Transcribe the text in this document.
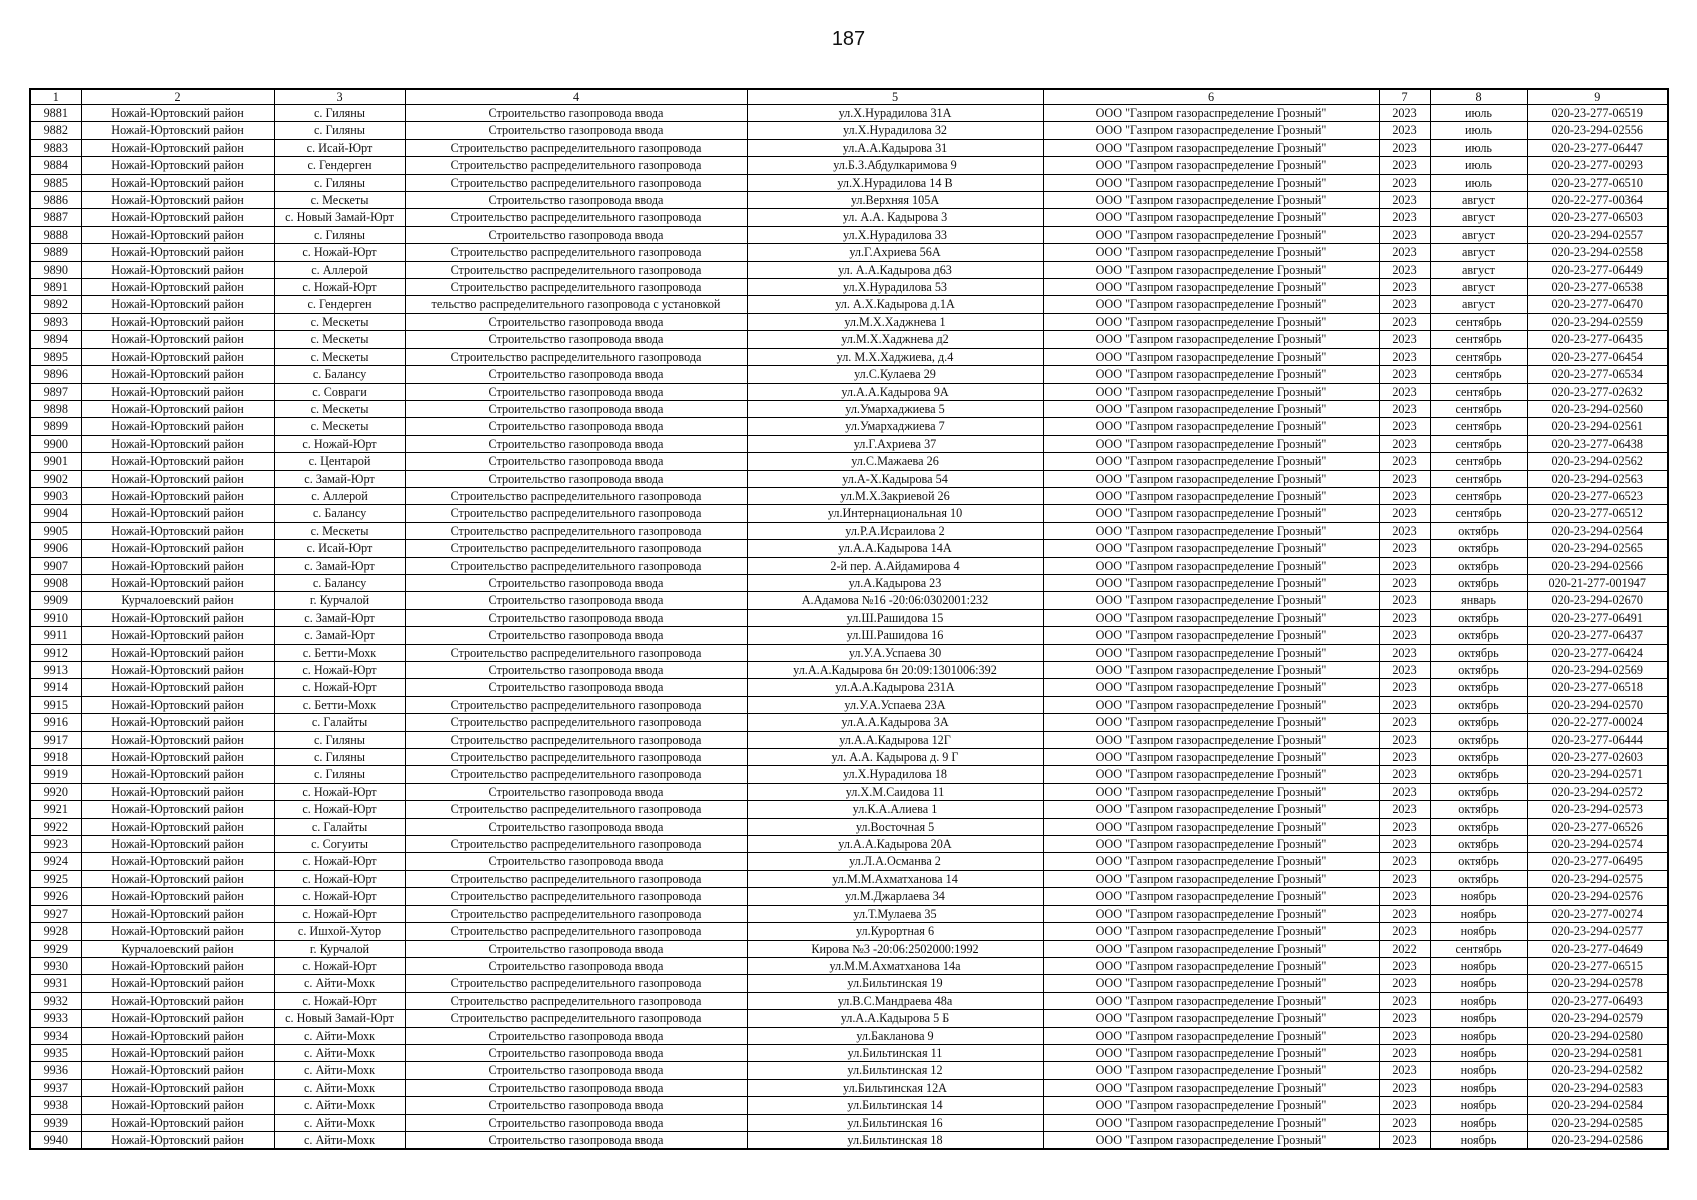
187
1	2	3	4	5	6	7	8	9
9881	Ножай-Юртовский район	с. Гиляны	Строительство газопровода ввода	ул.Х.Нурадилова 31А	ООО "Газпром газораспределение Грозный"	2023	июль	020-23-277-06519
9882	Ножай-Юртовский район	с. Гиляны	Строительство газопровода ввода	ул.Х.Нурадилова 32	ООО "Газпром газораспределение Грозный"	2023	июль	020-23-294-02556
9883	Ножай-Юртовский район	с. Исай-Юрт	Строительство распределительного газопровода	ул.А.А.Кадырова 31	ООО "Газпром газораспределение Грозный"	2023	июль	020-23-277-06447
9884	Ножай-Юртовский район	с. Гендерген	Строительство распределительного газопровода	ул.Б.З.Абдулкаримова 9	ООО "Газпром газораспределение Грозный"	2023	июль	020-23-277-00293
9885	Ножай-Юртовский район	с. Гиляны	Строительство распределительного газопровода	ул.Х.Нурадилова 14 В	ООО "Газпром газораспределение Грозный"	2023	июль	020-23-277-06510
9886	Ножай-Юртовский район	с. Мескеты	Строительство газопровода ввода	ул.Верхняя 105А	ООО "Газпром газораспределение Грозный"	2023	август	020-22-277-00364
9887	Ножай-Юртовский район	с. Новый Замай-Юрт	Строительство распределительного газопровода	ул. А.А. Кадырова 3	ООО "Газпром газораспределение Грозный"	2023	август	020-23-277-06503
9888	Ножай-Юртовский район	с. Гиляны	Строительство газопровода ввода	ул.Х.Нурадилова 33	ООО "Газпром газораспределение Грозный"	2023	август	020-23-294-02557
9889	Ножай-Юртовский район	с. Ножай-Юрт	Строительство распределительного газопровода	ул.Г.Ахриева 56А	ООО "Газпром газораспределение Грозный"	2023	август	020-23-294-02558
9890	Ножай-Юртовский район	с. Аллерой	Строительство распределительного газопровода	ул. А.А.Кадырова д63	ООО "Газпром газораспределение Грозный"	2023	август	020-23-277-06449
9891	Ножай-Юртовский район	с. Ножай-Юрт	Строительство распределительного газопровода	ул.Х.Нурадилова 53	ООО "Газпром газораспределение Грозный"	2023	август	020-23-277-06538
9892	Ножай-Юртовский район	с. Гендерген	тельство распределительного газопровода с установкой	ул. А.Х.Кадырова д.1А	ООО "Газпром газораспределение Грозный"	2023	август	020-23-277-06470
9893	Ножай-Юртовский район	с. Мескеты	Строительство газопровода ввода	ул.М.Х.Хаджнева 1	ООО "Газпром газораспределение Грозный"	2023	сентябрь	020-23-294-02559
9894	Ножай-Юртовский район	с. Мескеты	Строительство газопровода ввода	ул.М.Х.Хаджнева д2	ООО "Газпром газораспределение Грозный"	2023	сентябрь	020-23-277-06435
9895	Ножай-Юртовский район	с. Мескеты	Строительство распределительного газопровода	ул. М.Х.Хаджиева, д.4	ООО "Газпром газораспределение Грозный"	2023	сентябрь	020-23-277-06454
9896	Ножай-Юртовский район	с. Балансу	Строительство газопровода ввода	ул.С.Кулаева 29	ООО "Газпром газораспределение Грозный"	2023	сентябрь	020-23-277-06534
9897	Ножай-Юртовский район	с. Совраги	Строительство газопровода ввода	ул.А.А.Кадырова 9А	ООО "Газпром газораспределение Грозный"	2023	сентябрь	020-23-277-02632
9898	Ножай-Юртовский район	с. Мескеты	Строительство газопровода ввода	ул.Умархаджиева 5	ООО "Газпром газораспределение Грозный"	2023	сентябрь	020-23-294-02560
9899	Ножай-Юртовский район	с. Мескеты	Строительство газопровода ввода	ул.Умархаджиева 7	ООО "Газпром газораспределение Грозный"	2023	сентябрь	020-23-294-02561
9900	Ножай-Юртовский район	с. Ножай-Юрт	Строительство газопровода ввода	ул.Г.Ахриева 37	ООО "Газпром газораспределение Грозный"	2023	сентябрь	020-23-277-06438
9901	Ножай-Юртовский район	с. Центарой	Строительство газопровода ввода	ул.С.Мажаева 26	ООО "Газпром газораспределение Грозный"	2023	сентябрь	020-23-294-02562
9902	Ножай-Юртовский район	с. Замай-Юрт	Строительство газопровода ввода	ул.А-Х.Кадырова 54	ООО "Газпром газораспределение Грозный"	2023	сентябрь	020-23-294-02563
9903	Ножай-Юртовский район	с. Аллерой	Строительство распределительного газопровода	ул.М.Х.Закриевой 26	ООО "Газпром газораспределение Грозный"	2023	сентябрь	020-23-277-06523
9904	Ножай-Юртовский район	с. Балансу	Строительство распределительного газопровода	ул.Интернациональная 10	ООО "Газпром газораспределение Грозный"	2023	сентябрь	020-23-277-06512
9905	Ножай-Юртовский район	с. Мескеты	Строительство распределительного газопровода	ул.Р.А.Исраилова 2	ООО "Газпром газораспределение Грозный"	2023	октябрь	020-23-294-02564
9906	Ножай-Юртовский район	с. Исай-Юрт	Строительство распределительного газопровода	ул.А.А.Кадырова 14А	ООО "Газпром газораспределение Грозный"	2023	октябрь	020-23-294-02565
9907	Ножай-Юртовский район	с. Замай-Юрт	Строительство распределительного газопровода	2-й пер. А.Айдамирова 4	ООО "Газпром газораспределение Грозный"	2023	октябрь	020-23-294-02566
9908	Ножай-Юртовский район	с. Балансу	Строительство газопровода ввода	ул.А.Кадырова 23	ООО "Газпром газораспределение Грозный"	2023	октябрь	020-21-277-001947
9909	Курчалоевский район	г. Курчалой	Строительство газопровода ввода	А.Адамова №16 -20:06:0302001:232	ООО "Газпром газораспределение Грозный"	2023	январь	020-23-294-02670
9910	Ножай-Юртовский район	с. Замай-Юрт	Строительство газопровода ввода	ул.Ш.Рашидова 15	ООО "Газпром газораспределение Грозный"	2023	октябрь	020-23-277-06491
9911	Ножай-Юртовский район	с. Замай-Юрт	Строительство газопровода ввода	ул.Ш.Рашидова 16	ООО "Газпром газораспределение Грозный"	2023	октябрь	020-23-277-06437
9912	Ножай-Юртовский район	с. Бетти-Мохк	Строительство распределительного газопровода	ул.У.А.Успаева 30	ООО "Газпром газораспределение Грозный"	2023	октябрь	020-23-277-06424
9913	Ножай-Юртовский район	с. Ножай-Юрт	Строительство газопровода ввода	ул.А.А.Кадырова бн 20:09:1301006:392	ООО "Газпром газораспределение Грозный"	2023	октябрь	020-23-294-02569
9914	Ножай-Юртовский район	с. Ножай-Юрт	Строительство газопровода ввода	ул.А.А.Кадырова 231А	ООО "Газпром газораспределение Грозный"	2023	октябрь	020-23-277-06518
9915	Ножай-Юртовский район	с. Бетти-Мохк	Строительство распределительного газопровода	ул.У.А.Успаева 23А	ООО "Газпром газораспределение Грозный"	2023	октябрь	020-23-294-02570
9916	Ножай-Юртовский район	с. Галайты	Строительство распределительного газопровода	ул.А.А.Кадырова 3А	ООО "Газпром газораспределение Грозный"	2023	октябрь	020-22-277-00024
9917	Ножай-Юртовский район	с. Гиляны	Строительство распределительного газопровода	ул.А.А.Кадырова 12Г	ООО "Газпром газораспределение Грозный"	2023	октябрь	020-23-277-06444
9918	Ножай-Юртовский район	с. Гиляны	Строительство распределительного газопровода	ул. А.А. Кадырова д. 9 Г	ООО "Газпром газораспределение Грозный"	2023	октябрь	020-23-277-02603
9919	Ножай-Юртовский район	с. Гиляны	Строительство распределительного газопровода	ул.Х.Нурадилова 18	ООО "Газпром газораспределение Грозный"	2023	октябрь	020-23-294-02571
9920	Ножай-Юртовский район	с. Ножай-Юрт	Строительство газопровода ввода	ул.Х.М.Саидова 11	ООО "Газпром газораспределение Грозный"	2023	октябрь	020-23-294-02572
9921	Ножай-Юртовский район	с. Ножай-Юрт	Строительство распределительного газопровода	ул.К.А.Алиева 1	ООО "Газпром газораспределение Грозный"	2023	октябрь	020-23-294-02573
9922	Ножай-Юртовский район	с. Галайты	Строительство газопровода ввода	ул.Восточная 5	ООО "Газпром газораспределение Грозный"	2023	октябрь	020-23-277-06526
9923	Ножай-Юртовский район	с. Согуиты	Строительство распределительного газопровода	ул.А.А.Кадырова 20А	ООО "Газпром газораспределение Грозный"	2023	октябрь	020-23-294-02574
9924	Ножай-Юртовский район	с. Ножай-Юрт	Строительство газопровода ввода	ул.Л.А.Османва 2	ООО "Газпром газораспределение Грозный"	2023	октябрь	020-23-277-06495
9925	Ножай-Юртовский район	с. Ножай-Юрт	Строительство распределительного газопровода	ул.М.М.Ахматханова 14	ООО "Газпром газораспределение Грозный"	2023	октябрь	020-23-294-02575
9926	Ножай-Юртовский район	с. Ножай-Юрт	Строительство распределительного газопровода	ул.М.Джарлаева 34	ООО "Газпром газораспределение Грозный"	2023	ноябрь	020-23-294-02576
9927	Ножай-Юртовский район	с. Ножай-Юрт	Строительство распределительного газопровода	ул.Т.Мулаева 35	ООО "Газпром газораспределение Грозный"	2023	ноябрь	020-23-277-00274
9928	Ножай-Юртовский район	с. Ишхой-Хутор	Строительство распределительного газопровода	ул.Курортная 6	ООО "Газпром газораспределение Грозный"	2023	ноябрь	020-23-294-02577
9929	Курчалоевский район	г. Курчалой	Строительство газопровода ввода	Кирова №3 -20:06:2502000:1992	ООО "Газпром газораспределение Грозный"	2022	сентябрь	020-23-277-04649
9930	Ножай-Юртовский район	с. Ножай-Юрт	Строительство газопровода ввода	ул.М.М.Ахматханова 14а	ООО "Газпром газораспределение Грозный"	2023	ноябрь	020-23-277-06515
9931	Ножай-Юртовский район	с. Айти-Мохк	Строительство распределительного газопровода	ул.Бильтинская 19	ООО "Газпром газораспределение Грозный"	2023	ноябрь	020-23-294-02578
9932	Ножай-Юртовский район	с. Ножай-Юрт	Строительство распределительного газопровода	ул.В.С.Мандраева 48а	ООО "Газпром газораспределение Грозный"	2023	ноябрь	020-23-277-06493
9933	Ножай-Юртовский район	с. Новый Замай-Юрт	Строительство распределительного газопровода	ул.А.А.Кадырова 5 Б	ООО "Газпром газораспределение Грозный"	2023	ноябрь	020-23-294-02579
9934	Ножай-Юртовский район	с. Айти-Мохк	Строительство газопровода ввода	ул.Бакланова 9	ООО "Газпром газораспределение Грозный"	2023	ноябрь	020-23-294-02580
9935	Ножай-Юртовский район	с. Айти-Мохк	Строительство газопровода ввода	ул.Бильтинская 11	ООО "Газпром газораспределение Грозный"	2023	ноябрь	020-23-294-02581
9936	Ножай-Юртовский район	с. Айти-Мохк	Строительство газопровода ввода	ул.Бильтинская 12	ООО "Газпром газораспределение Грозный"	2023	ноябрь	020-23-294-02582
9937	Ножай-Юртовский район	с. Айти-Мохк	Строительство газопровода ввода	ул.Бильтинская 12А	ООО "Газпром газораспределение Грозный"	2023	ноябрь	020-23-294-02583
9938	Ножай-Юртовский район	с. Айти-Мохк	Строительство газопровода ввода	ул.Бильтинская 14	ООО "Газпром газораспределение Грозный"	2023	ноябрь	020-23-294-02584
9939	Ножай-Юртовский район	с. Айти-Мохк	Строительство газопровода ввода	ул.Бильтинская 16	ООО "Газпром газораспределение Грозный"	2023	ноябрь	020-23-294-02585
9940	Ножай-Юртовский район	с. Айти-Мохк	Строительство газопровода ввода	ул.Бильтинская 18	ООО "Газпром газораспределение Грозный"	2023	ноябрь	020-23-294-02586
